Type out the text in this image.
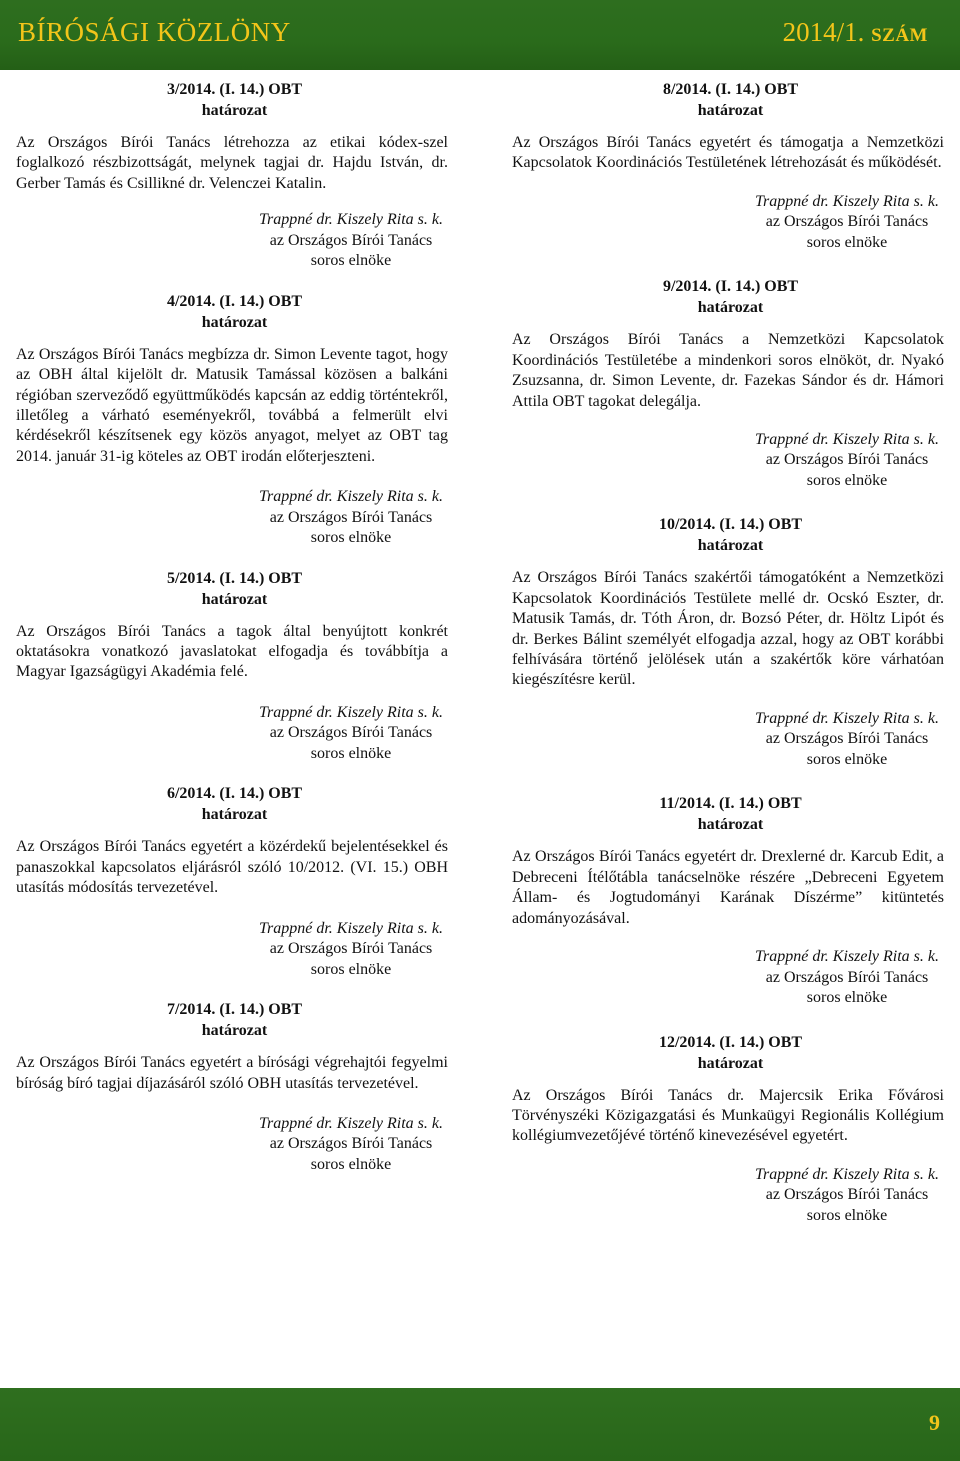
BÍRÓSÁGI KÖZLÖNY	2014/1. SZÁM
3/2014. (I. 14.) OBT
határozat

Az Országos Bírói Tanács létrehozza az etikai kódex-szel foglalkozó részbizottságát, melynek tagjai dr. Hajdu István, dr. Gerber Tamás és Csillikné dr. Velenczei Katalin.

Trappné dr. Kiszely Rita s. k.
az Országos Bírói Tanács
soros elnöke
4/2014. (I. 14.) OBT
határozat

Az Országos Bírói Tanács megbízza dr. Simon Levente tagot, hogy az OBH által kijelölt dr. Matusik Tamással közösen a balkáni régióban szerveződő együttműködés kapcsán az eddig történtekről, illetőleg a várható eseményekről, továbbá a felmerült elvi kérdésekről készítsenek egy közös anyagot, melyet az OBT tag 2014. január 31-ig köteles az OBT irodán előterjeszteni.

Trappné dr. Kiszely Rita s. k.
az Országos Bírói Tanács
soros elnöke
5/2014. (I. 14.) OBT
határozat

Az Országos Bírói Tanács a tagok által benyújtott konkrét oktatásokra vonatkozó javaslatokat elfogadja és továbbítja a Magyar Igazságügyi Akadémia felé.

Trappné dr. Kiszely Rita s. k.
az Országos Bírói Tanács
soros elnöke
6/2014. (I. 14.) OBT
határozat

Az Országos Bírói Tanács egyetért a közérdekű bejelentésekkel és panaszokkal kapcsolatos eljárásról szóló 10/2012. (VI. 15.) OBH utasítás módosítás tervezetével.

Trappné dr. Kiszely Rita s. k.
az Országos Bírói Tanács
soros elnöke
7/2014. (I. 14.) OBT
határozat

Az Országos Bírói Tanács egyetért a bírósági végrehajtói fegyelmi bíróság bíró tagjai díjazásáról szóló OBH utasítás tervezetével.

Trappné dr. Kiszely Rita s. k.
az Országos Bírói Tanács
soros elnöke
8/2014. (I. 14.) OBT
határozat

Az Országos Bírói Tanács egyetért és támogatja a Nemzetközi Kapcsolatok Koordinációs Testületének létrehozását és működését.

Trappné dr. Kiszely Rita s. k.
az Országos Bírói Tanács
soros elnöke
9/2014. (I. 14.) OBT
határozat

Az Országos Bírói Tanács a Nemzetközi Kapcsolatok Koordinációs Testületébe a mindenkori soros elnököt, dr. Nyakó Zsuzsanna, dr. Simon Levente, dr. Fazekas Sándor és dr. Hámori Attila OBT tagokat delegálja.

Trappné dr. Kiszely Rita s. k.
az Országos Bírói Tanács
soros elnöke
10/2014. (I. 14.) OBT
határozat

Az Országos Bírói Tanács szakértői támogatóként a Nemzetközi Kapcsolatok Koordinációs Testülete mellé dr. Ocskó Eszter, dr. Matusik Tamás, dr. Tóth Áron, dr. Bozsó Péter, dr. Höltz Lipót és dr. Berkes Bálint személyét elfogadja azzal, hogy az OBT korábbi felhívására történő jelölések után a szakértők köre várhatóan kiegészítésre kerül.

Trappné dr. Kiszely Rita s. k.
az Országos Bírói Tanács
soros elnöke
11/2014. (I. 14.) OBT
határozat

Az Országos Bírói Tanács egyetért dr. Drexlerné dr. Karcub Edit, a Debreceni Ítélőtábla tanácselnöke részére „Debreceni Egyetem Állam- és Jogtudományi Karának Díszérme” kitüntetés adományozásával.

Trappné dr. Kiszely Rita s. k.
az Országos Bírói Tanács
soros elnöke
12/2014. (I. 14.) OBT
határozat

Az Országos Bírói Tanács dr. Majercsik Erika Fővárosi Törvényszéki Közigazgatási és Munkaügyi Regionális Kollégium kollégiumvezetőjévé történő kinevezésével egyetért.

Trappné dr. Kiszely Rita s. k.
az Országos Bírói Tanács
soros elnöke
9
